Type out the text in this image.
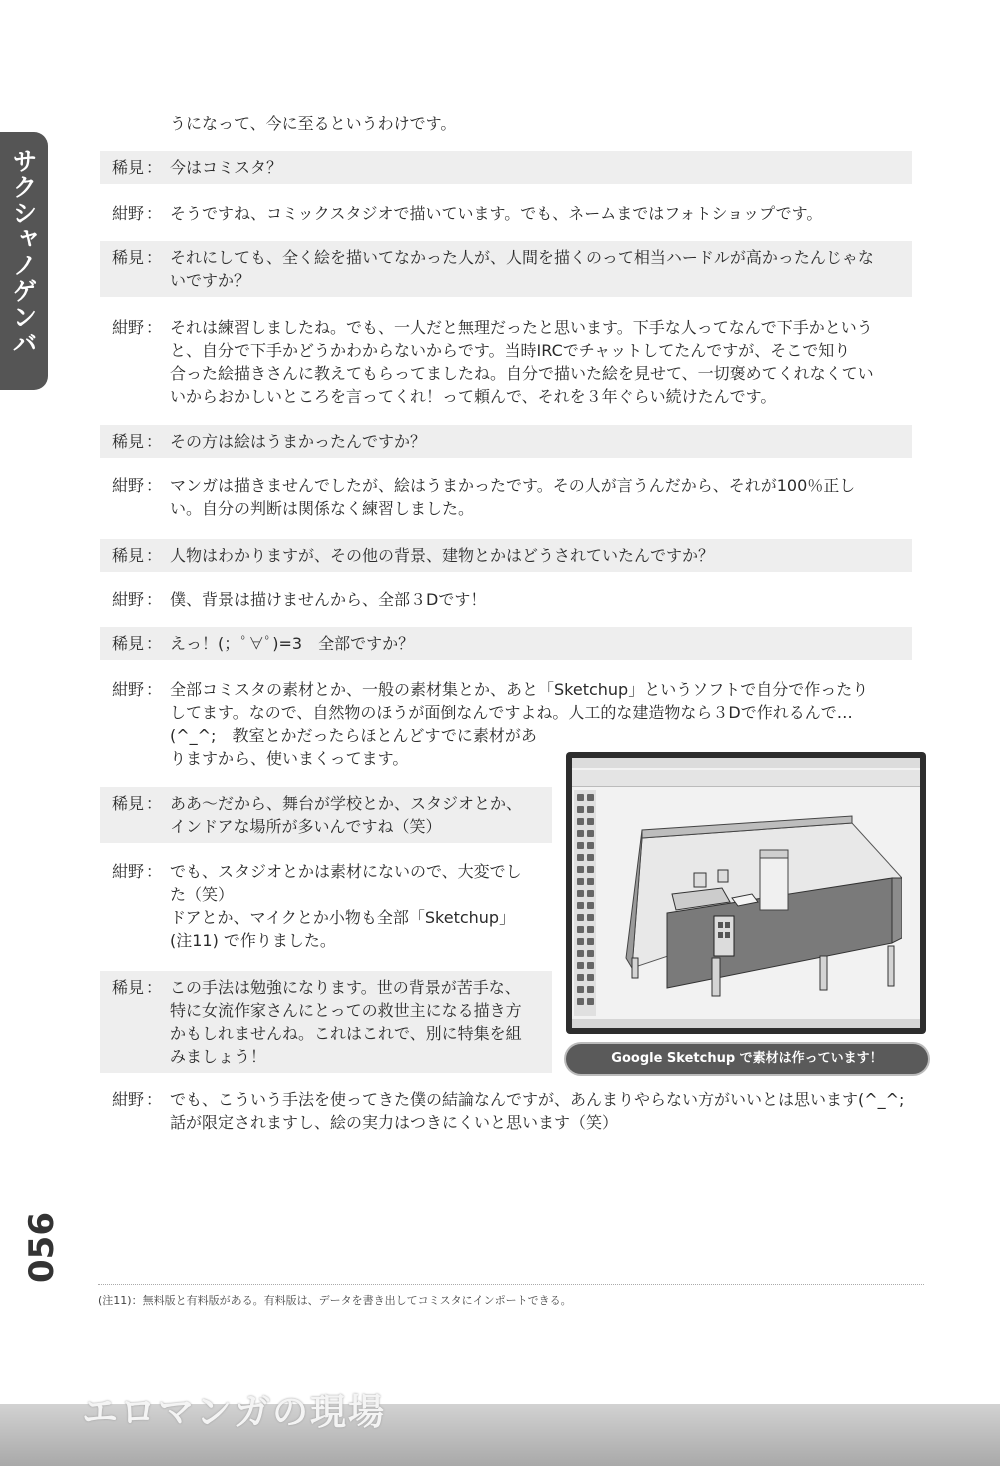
サクシャノゲンバ
056
うになって、今に至るというわけです。
稀見 ： 今はコミスタ？
紺野 ： そうですね、コミックスタジオで描いています。でも、ネームまではフォトショップです。
稀見 ： それにしても、全く絵を描いてなかった人が、人間を描くのって相当ハードルが高かったんじゃな
いですか？
紺野 ： それは練習しましたね。でも、一人だと無理だったと思います。下手な人ってなんで下手かという
と、自分で下手かどうかわからないからです。当時IRCでチャットしてたんですが、そこで知り
合った絵描きさんに教えてもらってましたね。自分で描いた絵を見せて、一切褒めてくれなくてい
いからおかしいところを言ってくれ！って頼んで、それを３年ぐらい続けたんです。
稀見 ： その方は絵はうまかったんですか？
紺野 ： マンガは描きませんでしたが、絵はうまかったです。その人が言うんだから、それが100％正し
い。自分の判断は関係なく練習しました。
稀見 ： 人物はわかりますが、その他の背景、建物とかはどうされていたんですか？
紺野 ： 僕、背景は描けませんから、全部３Dです！
稀見 ： えっ！(；ﾟ∀ﾟ)=3　全部ですか？
紺野 ： 全部コミスタの素材とか、一般の素材集とか、あと「Sketchup」というソフトで自分で作ったり
してます。なので、自然物のほうが面倒なんですよね。人工的な建造物なら３Dで作れるんで…
(^_^;　教室とかだったらほとんどすでに素材があ
りますから、使いまくってます。
稀見 ： ああ～だから、舞台が学校とか、スタジオとか、
インドアな場所が多いんですね（笑）
紺野 ： でも、スタジオとかは素材にないので、大変でし
た（笑）
ドアとか、マイクとか小物も全部「Sketchup」
(注11) で作りました。
稀見 ： この手法は勉強になります。世の背景が苦手な、
特に女流作家さんにとっての救世主になる描き方
かもしれませんね。これはこれで、別に特集を組
みましょう！
紺野 ： でも、こういう手法を使ってきた僕の結論なんですが、あんまりやらない方がいいとは思います(^_^;
話が限定されますし、絵の実力はつきにくいと思います（笑）
Google Sketchup で素材は作っています！
(注11)：無料版と有料版がある。有料版は、データを書き出してコミスタにインポートできる。
エロマンガの現場
